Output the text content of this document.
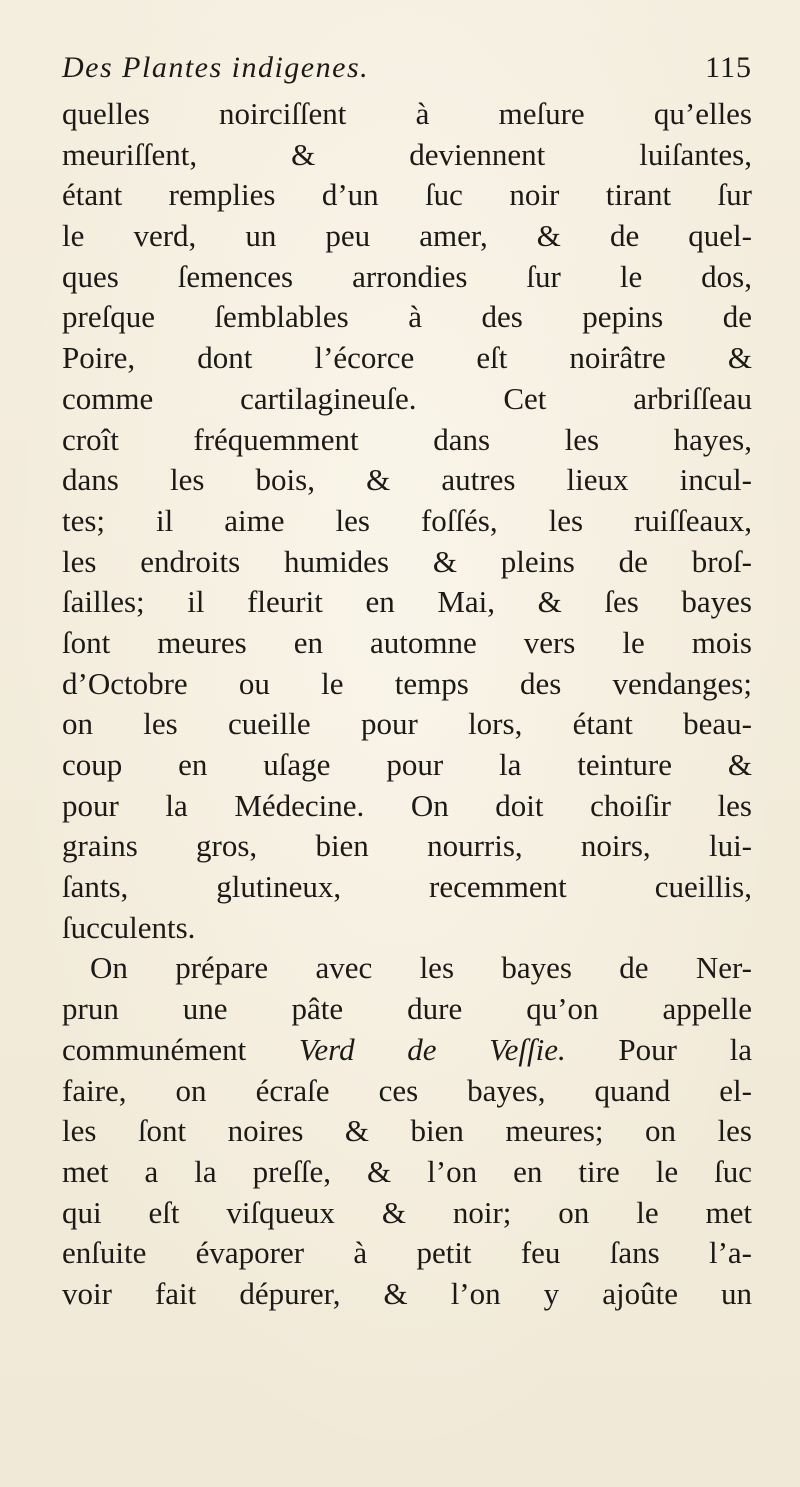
Des Plantes indigenes.	115
quelles noirciſſent à meſure qu’elles
meuriſſent, & deviennent luiſantes,
étant remplies d’un ſuc noir tirant ſur
le verd, un peu amer, & de quel-
ques ſemences arrondies ſur le dos,
preſque ſemblables à des pepins de
Poire, dont l’écorce eſt noirâtre &
comme cartilagineuſe. Cet arbriſſeau
croît fréquemment dans les hayes,
dans les bois, & autres lieux incul-
tes; il aime les foſſés, les ruiſſeaux,
les endroits humides & pleins de broſ-
ſailles; il fleurit en Mai, & ſes bayes
ſont meures en automne vers le mois
d’Octobre ou le temps des vendanges;
on les cueille pour lors, étant beau-
coup en uſage pour la teinture &
pour la Médecine. On doit choiſir les
grains gros, bien nourris, noirs, lui-
ſants, glutineux, recemment cueillis,
ſucculents.
On prépare avec les bayes de Ner-
prun une pâte dure qu’on appelle
communément Verd de Veſſie. Pour la
faire, on écraſe ces bayes, quand el-
les ſont noires & bien meures; on les
met a la preſſe, & l’on en tire le ſuc
qui eſt viſqueux & noir; on le met
enſuite évaporer à petit feu ſans l’a-
voir fait dépurer, & l’on y ajoûte un
